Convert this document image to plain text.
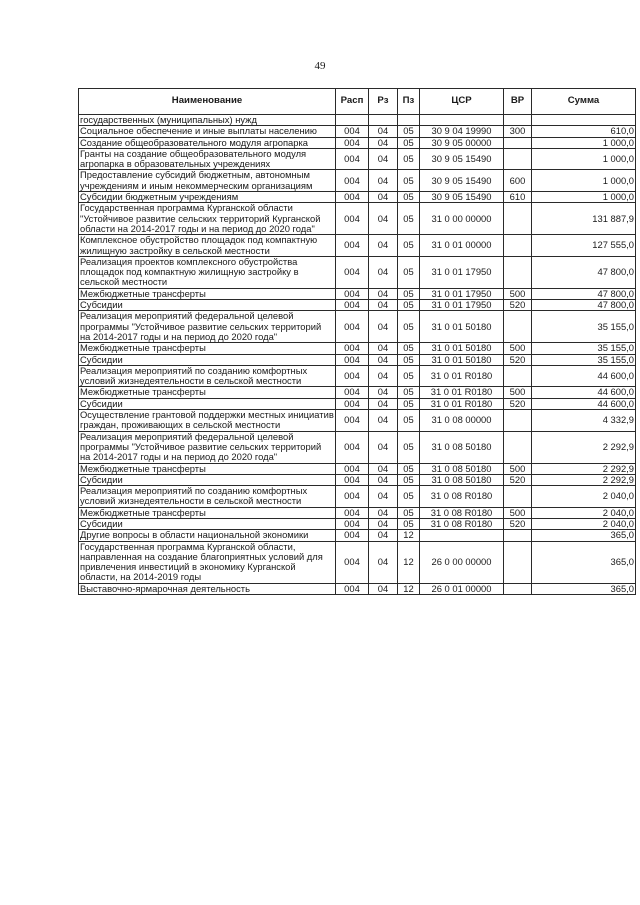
49
Наименование	Расп	Рз	Пз	ЦСР	ВР	Сумма
государственных (муниципальных) нужд						
Социальное обеспечение и иные выплаты населению	004	04	05	30 9 04 19990	300	610,0
Создание общеобразовательного модуля агропарка	004	04	05	30 9 05 00000		1 000,0
Гранты на создание общеобразовательного модуля агропарка в образовательных учреждениях	004	04	05	30 9 05 15490		1 000,0
Предоставление субсидий бюджетным, автономным учреждениям и иным некоммерческим организациям	004	04	05	30 9 05 15490	600	1 000,0
Субсидии бюджетным учреждениям	004	04	05	30 9 05 15490	610	1 000,0
Государственная программа Курганской области "Устойчивое развитие сельских территорий Курганской области на 2014-2017 годы и на период до 2020 года"	004	04	05	31 0 00 00000		131 887,9
Комплексное обустройство площадок под компактную жилищную застройку в сельской местности	004	04	05	31 0 01 00000		127 555,0
Реализация проектов комплексного обустройства площадок под компактную жилищную застройку в сельской местности	004	04	05	31 0 01 17950		47 800,0
Межбюджетные трансферты	004	04	05	31 0 01 17950	500	47 800,0
Субсидии	004	04	05	31 0 01 17950	520	47 800,0
Реализация мероприятий федеральной целевой программы "Устойчивое развитие сельских территорий на 2014-2017 годы и на период до 2020 года"	004	04	05	31 0 01 50180		35 155,0
Межбюджетные трансферты	004	04	05	31 0 01 50180	500	35 155,0
Субсидии	004	04	05	31 0 01 50180	520	35 155,0
Реализация мероприятий по созданию комфортных условий жизнедеятельности в сельской местности	004	04	05	31 0 01 R0180		44 600,0
Межбюджетные трансферты	004	04	05	31 0 01 R0180	500	44 600,0
Субсидии	004	04	05	31 0 01 R0180	520	44 600,0
Осуществление грантовой поддержки местных инициатив граждан, проживающих в сельской местности	004	04	05	31 0 08 00000		4 332,9
Реализация мероприятий федеральной целевой программы "Устойчивое развитие сельских территорий на 2014-2017 годы и на период до 2020 года"	004	04	05	31 0 08 50180		2 292,9
Межбюджетные трансферты	004	04	05	31 0 08 50180	500	2 292,9
Субсидии	004	04	05	31 0 08 50180	520	2 292,9
Реализация мероприятий по созданию комфортных условий жизнедеятельности в сельской местности	004	04	05	31 0 08 R0180		2 040,0
Межбюджетные трансферты	004	04	05	31 0 08 R0180	500	2 040,0
Субсидии	004	04	05	31 0 08 R0180	520	2 040,0
Другие вопросы в области национальной экономики	004	04	12			365,0
Государственная программа Курганской области, направленная на создание благоприятных условий для привлечения инвестиций в экономику Курганской области, на 2014-2019 годы	004	04	12	26 0 00 00000		365,0
Выставочно-ярмарочная деятельность	004	04	12	26 0 01 00000		365,0
